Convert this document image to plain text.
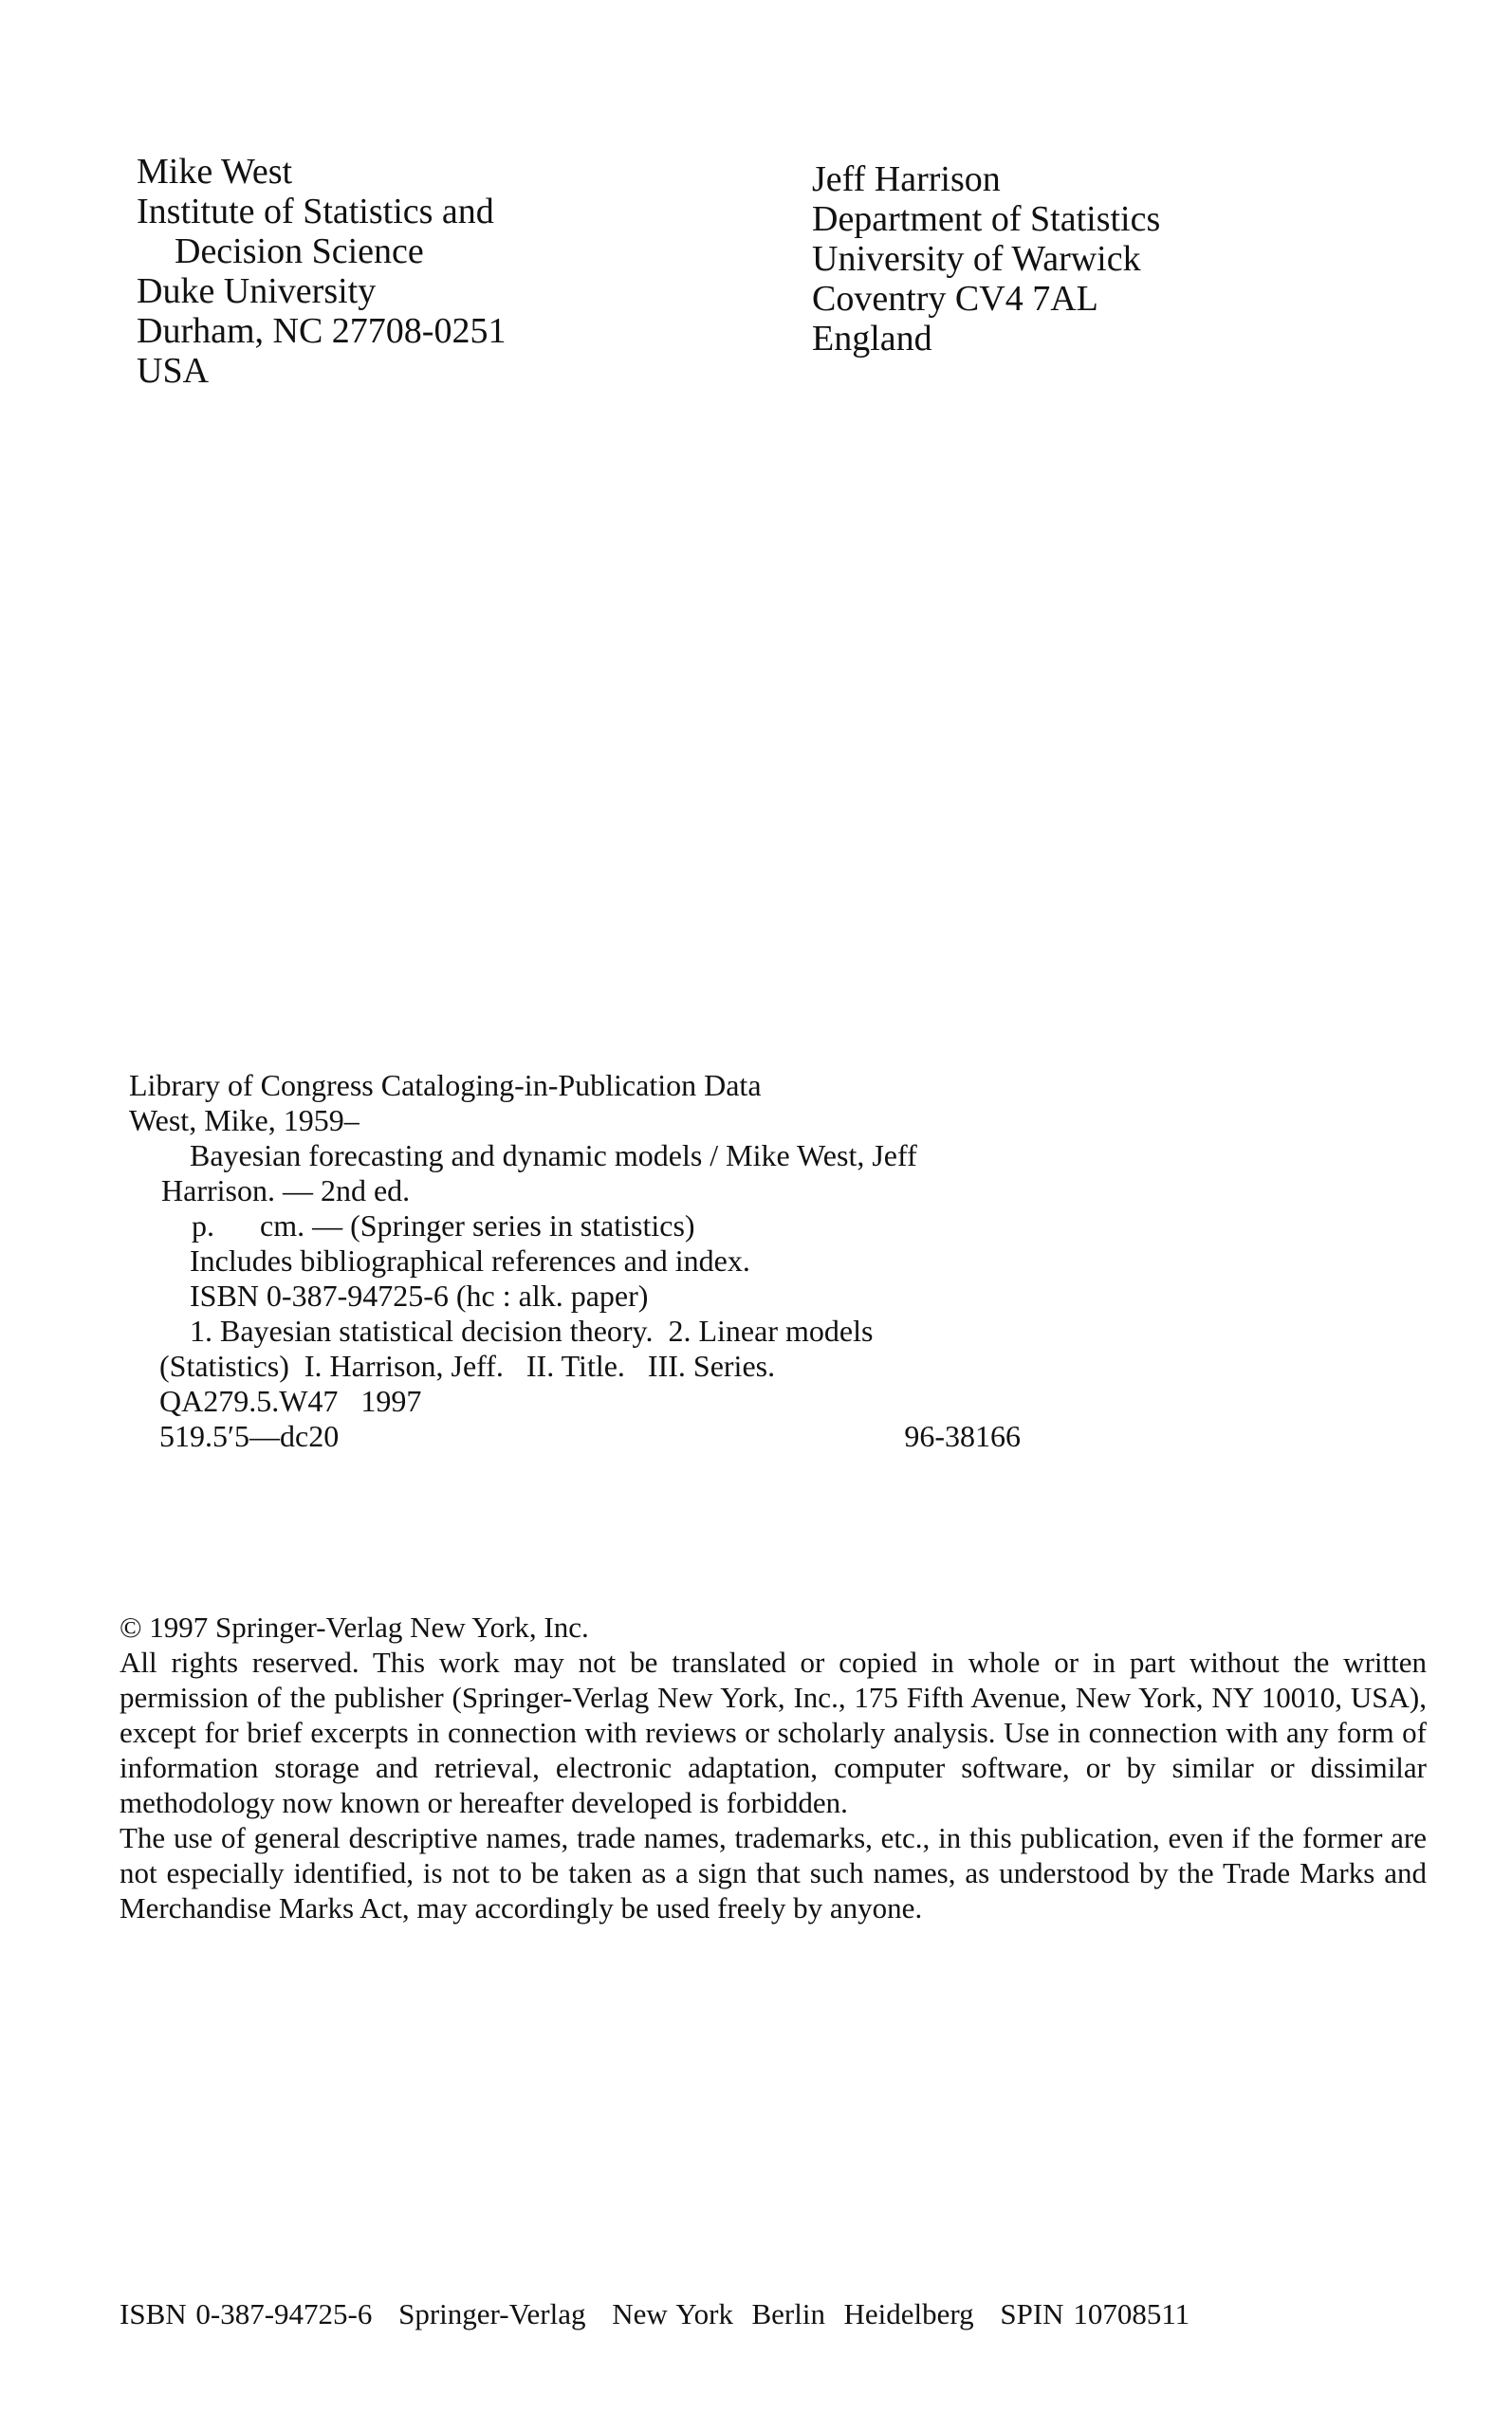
Mike West
Institute of Statistics and
Decision Science
Duke University
Durham, NC 27708-0251
USA
Jeff Harrison
Department of Statistics
University of Warwick
Coventry CV4 7AL
England
Library of Congress Cataloging-in-Publication Data
West, Mike, 1959–
Bayesian forecasting and dynamic models / Mike West, Jeff
Harrison. — 2nd ed.
p.      cm. — (Springer series in statistics)
Includes bibliographical references and index.
ISBN 0-387-94725-6 (hc : alk. paper)
1. Bayesian statistical decision theory.  2. Linear models
(Statistics)  I. Harrison, Jeff.   II. Title.   III. Series.
QA279.5.W47   1997
519.5′5—dc20	96-38166
© 1997 Springer-Verlag New York, Inc.

All rights reserved. This work may not be translated or copied in whole or in part without the written permission of the publisher (Springer-Verlag New York, Inc., 175 Fifth Avenue, New York, NY 10010, USA), except for brief excerpts in connection with reviews or scholarly analysis. Use in connection with any form of information storage and retrieval, electronic adaptation, computer software, or by similar or dissimilar methodology now known or hereafter developed is forbidden.

The use of general descriptive names, trade names, trademarks, etc., in this publication, even if the former are not especially identified, is not to be taken as a sign that such names, as understood by the Trade Marks and Merchandise Marks Act, may accordingly be used freely by anyone.

ISBN 0-387-94725-6 Springer-Verlag New York  Berlin  Heidelberg SPIN 10708511
